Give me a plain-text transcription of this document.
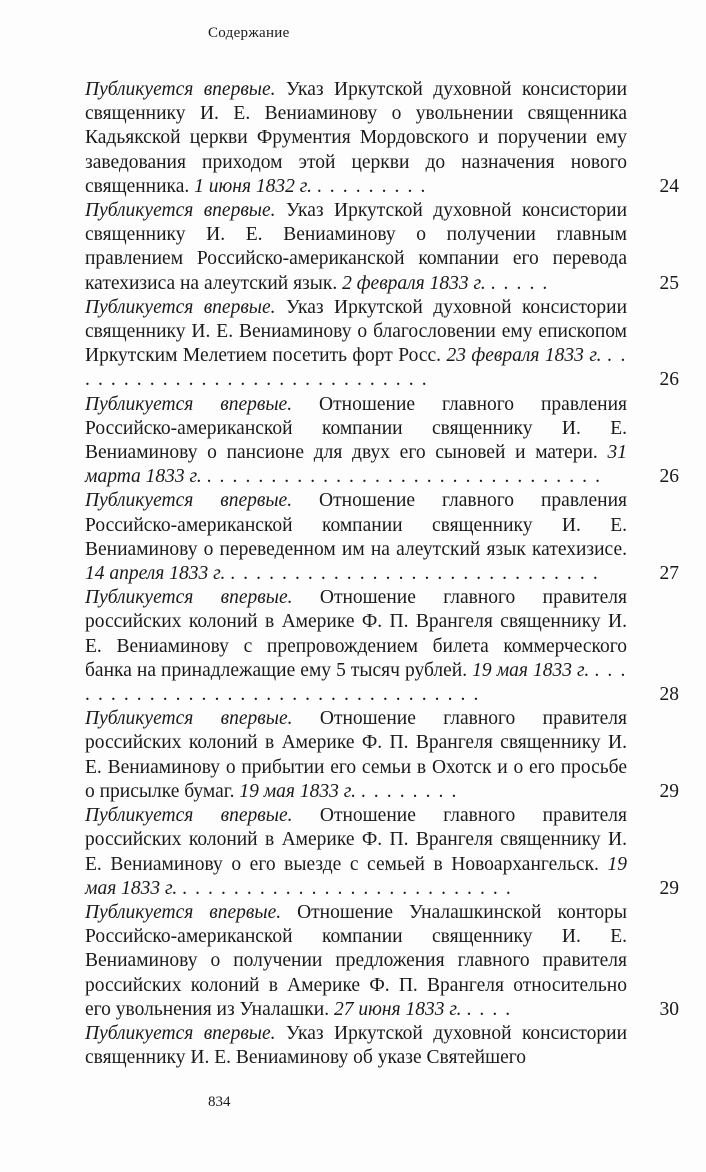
Содержание
Публикуется впервые. Указ Иркутской духовной консистории священнику И. Е. Вениаминову о увольнении священника Кадьякской церкви Фрументия Мордовского и поручении ему заведования приходом этой церкви до назначения нового священника. 1 июня 1832 г. . . . . . . . . .	24
Публикуется впервые. Указ Иркутской духовной консистории священнику И. Е. Вениаминову о получении главным правлением Российско-американской компании его перевода катехизиса на алеутский язык. 2 февраля 1833 г. . . . . .	25
Публикуется впервые. Указ Иркутской духовной консистории священнику И. Е. Вениаминову о благословении ему епископом Иркутским Мелетием посетить форт Росс. 23 февраля 1833 г. . . . . . . . . . . . . . . . . . . . . . . . . . . . . .	26
Публикуется впервые. Отношение главного правления Российско-американской компании священнику И. Е. Вениаминову о пансионе для двух его сыновей и матери. 31 марта 1833 г. . . . . . . . . . . . . . . . . . . . . . . . . . . . . . . .	26
Публикуется впервые. Отношение главного правления Российско-американской компании священнику И. Е. Вениаминову о переведенном им на алеутский язык катехизисе. 14 апреля 1833 г. . . . . . . . . . . . . . . . . . . . . . . . . . . . . .	27
Публикуется впервые. Отношение главного правителя российских колоний в Америке Ф. П. Врангеля священнику И. Е. Вениаминову с препровождением билета коммерческого банка на принадлежащие ему 5 тысяч рублей. 19 мая 1833 г. . . . . . . . . . . . . . . . . . . . . . . . . . . . . . . . . . .	28
Публикуется впервые. Отношение главного правителя российских колоний в Америке Ф. П. Врангеля священнику И. Е. Вениаминову о прибытии его семьи в Охотск и о его просьбе о присылке бумаг. 19 мая 1833 г. . . . . . . . .	29
Публикуется впервые. Отношение главного правителя российских колоний в Америке Ф. П. Врангеля священнику И. Е. Вениаминову о его выезде с семьей в Новоархангельск. 19 мая 1833 г. . . . . . . . . . . . . . . . . . . . . . . . . . .	29
Публикуется впервые. Отношение Уналашкинской конторы Российско-американской компании священнику И. Е. Вениаминову о получении предложения главного правителя российских колоний в Америке Ф. П. Врангеля относительно его увольнения из Уналашки. 27 июня 1833 г. . . . .	30
Публикуется впервые. Указ Иркутской духовной консистории священнику И. Е. Вениаминову об указе Святейшего
834
